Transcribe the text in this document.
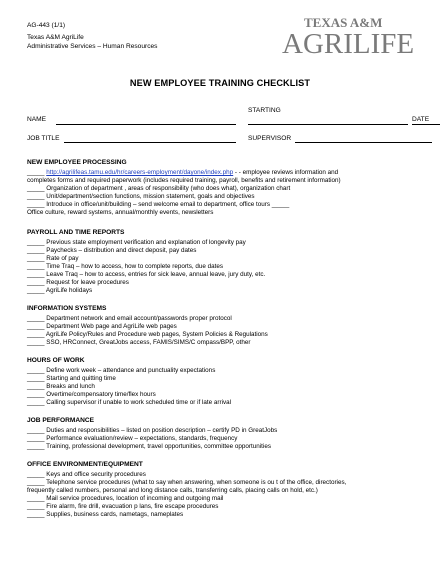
AG-443 (1/1)
Texas A&M AgriLife
Administrative Services – Human Resources
TEXAS A&M
AGRILIFE
NEW EMPLOYEE TRAINING CHECKLIST
STARTING
DATE
NAME
JOB TITLE	SUPERVISOR
NEW EMPLOYEE PROCESSING
_____ http://agrilifeas.tamu.edu/hr/careers-employment/dayone/index.php - - employee reviews information and
completes forms and required paperwork (includes required training, payroll, benefits and retirement information)
_____ Organization of department , areas of responsibility (who does what), organization chart
_____ Unit/department/section functions, mission statement, goals and objectives
_____ Introduce in office/unit/building – send welcome email to department, office tours _____
Office culture, reward systems, annual/monthly events, newsletters
PAYROLL AND TIME REPORTS
_____ Previous state employment verification and explanation of longevity pay
_____ Paychecks – distribution and direct deposit, pay dates
_____ Rate of pay
_____ Time Traq – how to access, how to complete reports, due dates
_____ Leave Traq – how to access, entries for sick leave, annual leave, jury duty, etc.
_____ Request for leave procedures
_____ AgriLife holidays
INFORMATION SYSTEMS
_____ Department network and email account/passwords proper protocol
_____ Department Web page and AgriLife web pages
_____ AgriLife Policy/Rules and Procedure web pages, System Policies & Regulations
_____ SSO, HRConnect, GreatJobs access, FAMIS/SIMS/C ompass/BPP, other
HOURS OF WORK
_____ Define work week – attendance and punctuality expectations
_____ Starting and quitting time
_____ Breaks and lunch
_____ Overtime/compensatory time/flex hours
_____ Calling supervisor if unable to work scheduled time or if late arrival
JOB PERFORMANCE
_____ Duties and responsibilities – listed on position description – certify PD in GreatJobs
_____ Performance evaluation/review – expectations, standards, frequency
_____ Training, professional development, travel opportunities, committee opportunities
OFFICE ENVIRONMENT/EQUIPMENT
_____ Keys and office security procedures
_____ Telephone service procedures (what to say when answering, when someone is ou t of the office, directories,
frequently called numbers, personal and long distance calls, transferring calls, placing calls on hold, etc.)
_____ Mail service procedures, location of incoming and outgoing mail
_____ Fire alarm, fire drill, evacuation p lans, fire escape procedures
_____ Supplies, business cards, nametags, nameplates
